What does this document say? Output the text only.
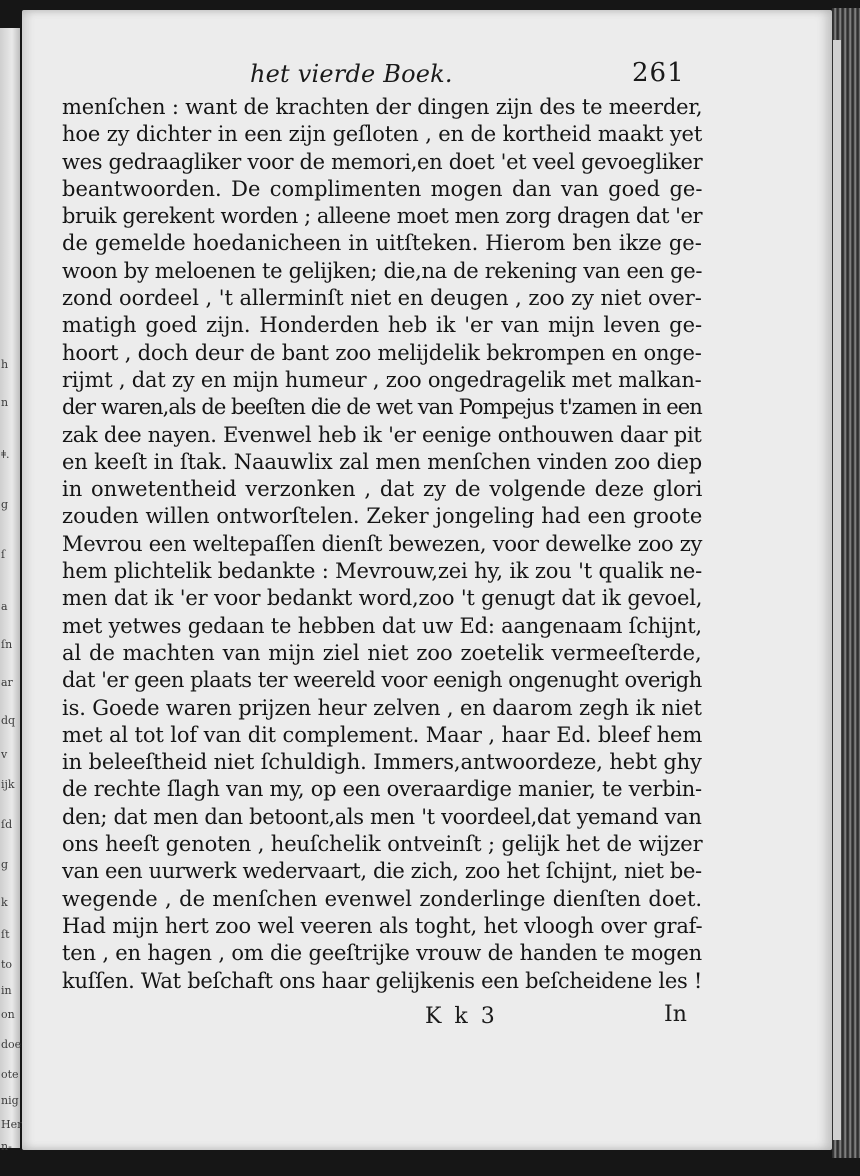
h
n
ǂ.
g
ſ
a
ſn
ar
dq
v
ijk
ſd
g
k
ſt
to
in
on
doe
ote
nig
Her
n-
het vierde Boek.	261
menſchen : want de krachten der dingen zijn des te meerder,
hoe zy dichter in een zijn geſloten , en de kortheid maakt yet
wes gedraagliker voor de memori,en doet 'et veel gevoegliker
beantwoorden. De complimenten mogen dan van goed ge-
bruik gerekent worden ; alleene moet men zorg dragen dat 'er
de gemelde hoedanicheen in uitſteken. Hierom ben ikze ge-
woon by meloenen te gelijken; die,na de rekening van een ge-
zond oordeel , 't allerminſt niet en deugen , zoo zy niet over-
matigh goed zijn. Honderden heb ik 'er van mijn leven ge-
hoort , doch deur de bant zoo melijdelik bekrompen en onge-
rijmt , dat zy en mijn humeur , zoo ongedragelik met malkan-
der waren,als de beeſten die de wet van Pompejus t'zamen in een
zak dee nayen. Evenwel heb ik 'er eenige onthouwen daar pit
en keeſt in ſtak. Naauwlix zal men menſchen vinden zoo diep
in onwetentheid verzonken , dat zy de volgende deze glori
zouden willen ontworſtelen. Zeker jongeling had een groote
Mevrou een weltepaſſen dienſt bewezen, voor dewelke zoo zy
hem plichtelik bedankte : Mevrouw,zei hy, ik zou 't qualik ne-
men dat ik 'er voor bedankt word,zoo 't genugt dat ik gevoel,
met yetwes gedaan te hebben dat uw Ed: aangenaam ſchijnt,
al de machten van mijn ziel niet zoo zoetelik vermeeſterde,
dat 'er geen plaats ter weereld voor eenigh ongenught overigh
is. Goede waren prijzen heur zelven , en daarom zegh ik niet
met al tot lof van dit complement. Maar , haar Ed. bleef hem
in beleeſtheid niet ſchuldigh. Immers,antwoordeze, hebt ghy
de rechte ſlagh van my, op een overaardige manier, te verbin-
den; dat men dan betoont,als men 't voordeel,dat yemand van
ons heeſt genoten , heuſchelik ontveinſt ; gelijk het de wijzer
van een uurwerk wedervaart, die zich, zoo het ſchijnt, niet be-
wegende , de menſchen evenwel zonderlinge dienſten doet.
Had mijn hert zoo wel veeren als toght, het vloogh over graf-
ten , en hagen , om die geeſtrijke vrouw de handen te mogen
kuſſen. Wat beſchaft ons haar gelijkenis een beſcheidene les !
K k 3	In
